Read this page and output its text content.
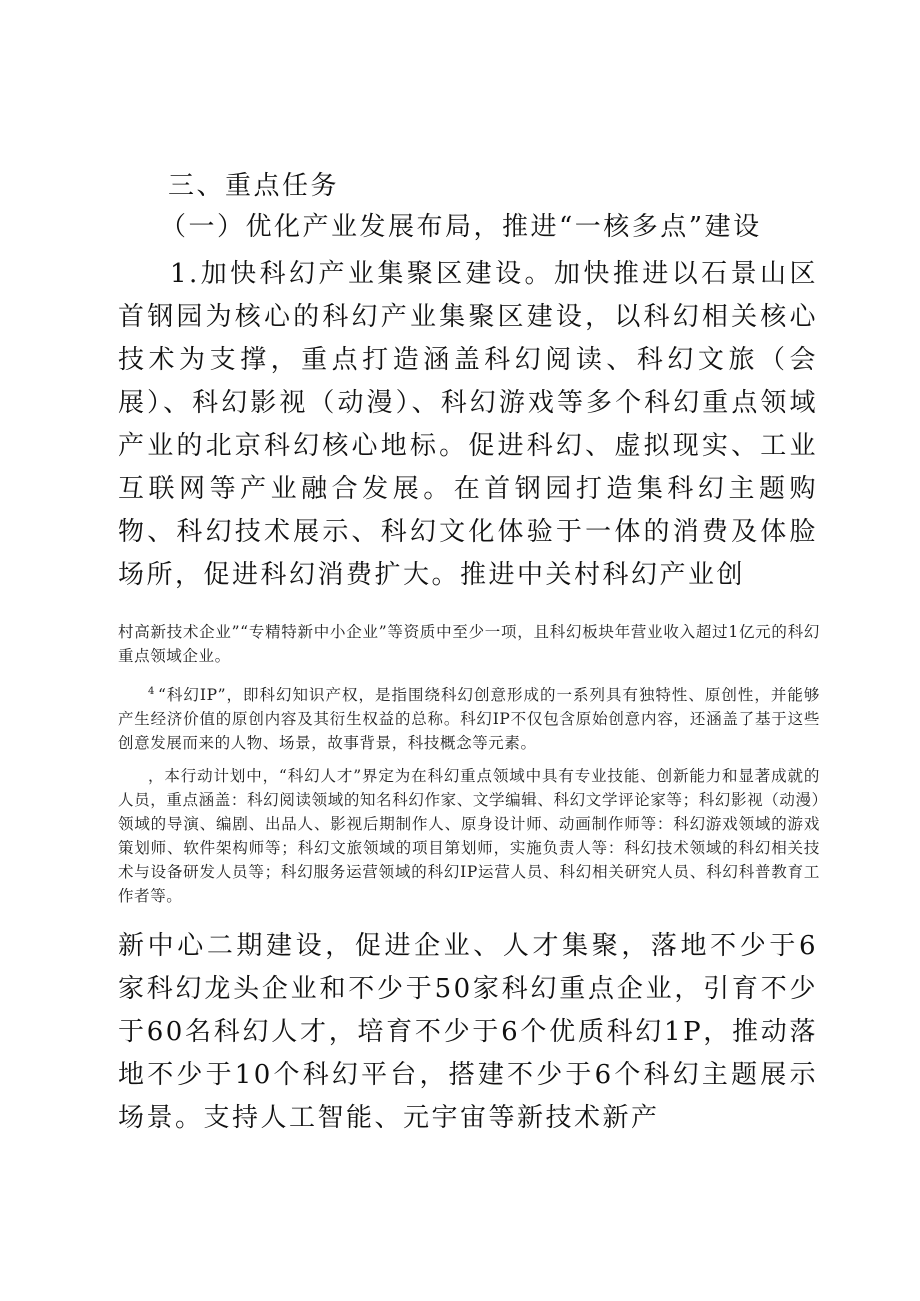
三、重点任务

（一）优化产业发展布局，推进“一核多点”建设

1.加快科幻产业集聚区建设。加快推进以石景山区首钢园为核心的科幻产业集聚区建设，以科幻相关核心技术为支撑，重点打造涵盖科幻阅读、科幻文旅（会展）、科幻影视（动漫）、科幻游戏等多个科幻重点领域产业的北京科幻核心地标。促进科幻、虚拟现实、工业互联网等产业融合发展。在首钢园打造集科幻主题购物、科幻技术展示、科幻文化体验于一体的消费及体脸场所，促进科幻消费扩大。推进中关村科幻产业创

村高新技术企业”“专精特新中小企业”等资质中至少一项，且科幻板块年营业收入超过1亿元的科幻重点领域企业。

$^4$ “科幻IP”，即科幻知识产权，是指围绕科幻创意形成的一系列具有独特性、原创性，并能够产生经济价值的原创内容及其衍生权益的总称。科幻IP不仅包含原始创意内容，还涵盖了基于这些创意发展而来的人物、场景，故事背景，科技概念等元素。

，本行动计划中，“科幻人才”界定为在科幻重点领域中具有专业技能、创新能力和显著成就的人员，重点涵盖：科幻阅读领域的知名科幻作家、文学编辑、科幻文学评论家等；科幻影视（动漫）领域的导演、编剧、出品人、影视后期制作人、原身设计师、动画制作师等：科幻游戏领域的游戏策划师、软件架构师等；科幻文旅领域的项目第划师，实施负责人等：科幻技术领域的科幻相关技术与设备研发人员等；科幻服务运营领域的科幻IP运营人员、科幻相关研究人员、科幻科普教育工作者等。

新中心二期建设，促进企业、人才集聚，落地不少于6家科幻龙头企业和不少于50家科幻重点企业，引育不少于60名科幻人才，培育不少于6个优质科幻1P，推动落地不少于10个科幻平台，搭建不少于6个科幻主题展示场景。支持人工智能、元宇宙等新技术新产
